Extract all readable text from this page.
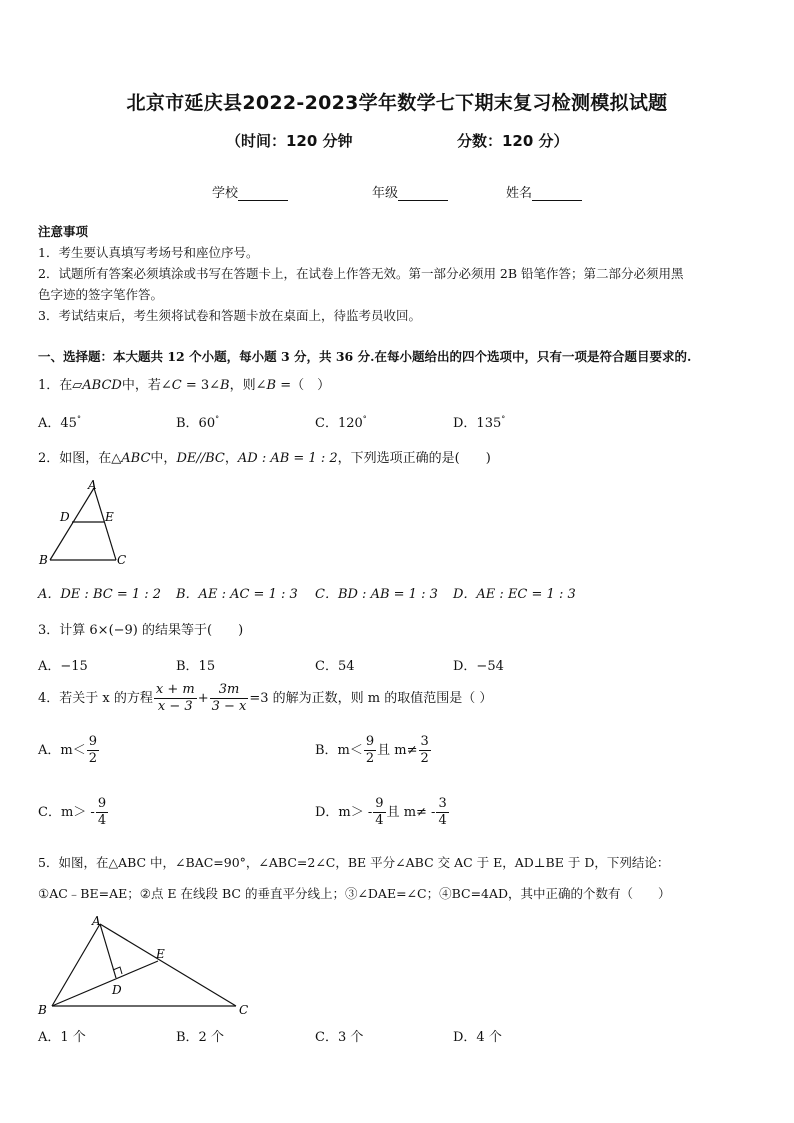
北京市延庆县2022-2023学年数学七下期末复习检测模拟试题
（时间：120 分钟	分数：120 分）
学校	年级	姓名
注意事项
1．考生要认真填写考场号和座位序号。
2．试题所有答案必须填涂或书写在答题卡上，在试卷上作答无效。第一部分必须用 2B 铅笔作答；第二部分必须用黑
色字迹的签字笔作答。
3．考试结束后，考生须将试卷和答题卡放在桌面上，待监考员收回。
一、选择题：本大题共 12 个小题，每小题 3 分，共 36 分.在每小题给出的四个选项中，只有一项是符合题目要求的.
1．在▱ABCD中，若∠C = 3∠B，则∠B =（　）
A．45°	B．60°	C．120°	D．135°
2．如图，在△ABC中，DE//BC，AD : AB = 1 : 2，下列选项正确的是(　　)
A
D	E
B	C
A．DE : BC = 1 : 2 B．AE : AC = 1 : 3 C．BD : AB = 1 : 3 D．AE : EC = 1 : 3
3．计算 6×(−9) 的结果等于(　　)
A．−15	B．15	C．54	D．−54
4．若关于 x 的方程 $\frac{x + m}{x - 3} + \frac{3m}{3 - x} =3$ 的解为正数，则 m 的取值范围是（ ）
A．$m< \frac{9}{2}$	B．$m< \frac{9}{2}$ 且 $m\ne \frac{3}{2}$
C．$m> - \frac{9}{4}$	D．$m> - \frac{9}{4}$ 且 $m\ne - \frac{3}{4}$
5．如图，在△ABC 中，∠BAC=90°，∠ABC=2∠C，BE 平分∠ABC 交 AC 于 E，AD⊥BE 于 D，下列结论：
①AC﹣BE=AE；②点 E 在线段 BC 的垂直平分线上；③∠DAE=∠C；④BC=4AD，其中正确的个数有（　　）
A
E
D
B	C
A．1 个	B．2 个	C．3 个	D．4 个
